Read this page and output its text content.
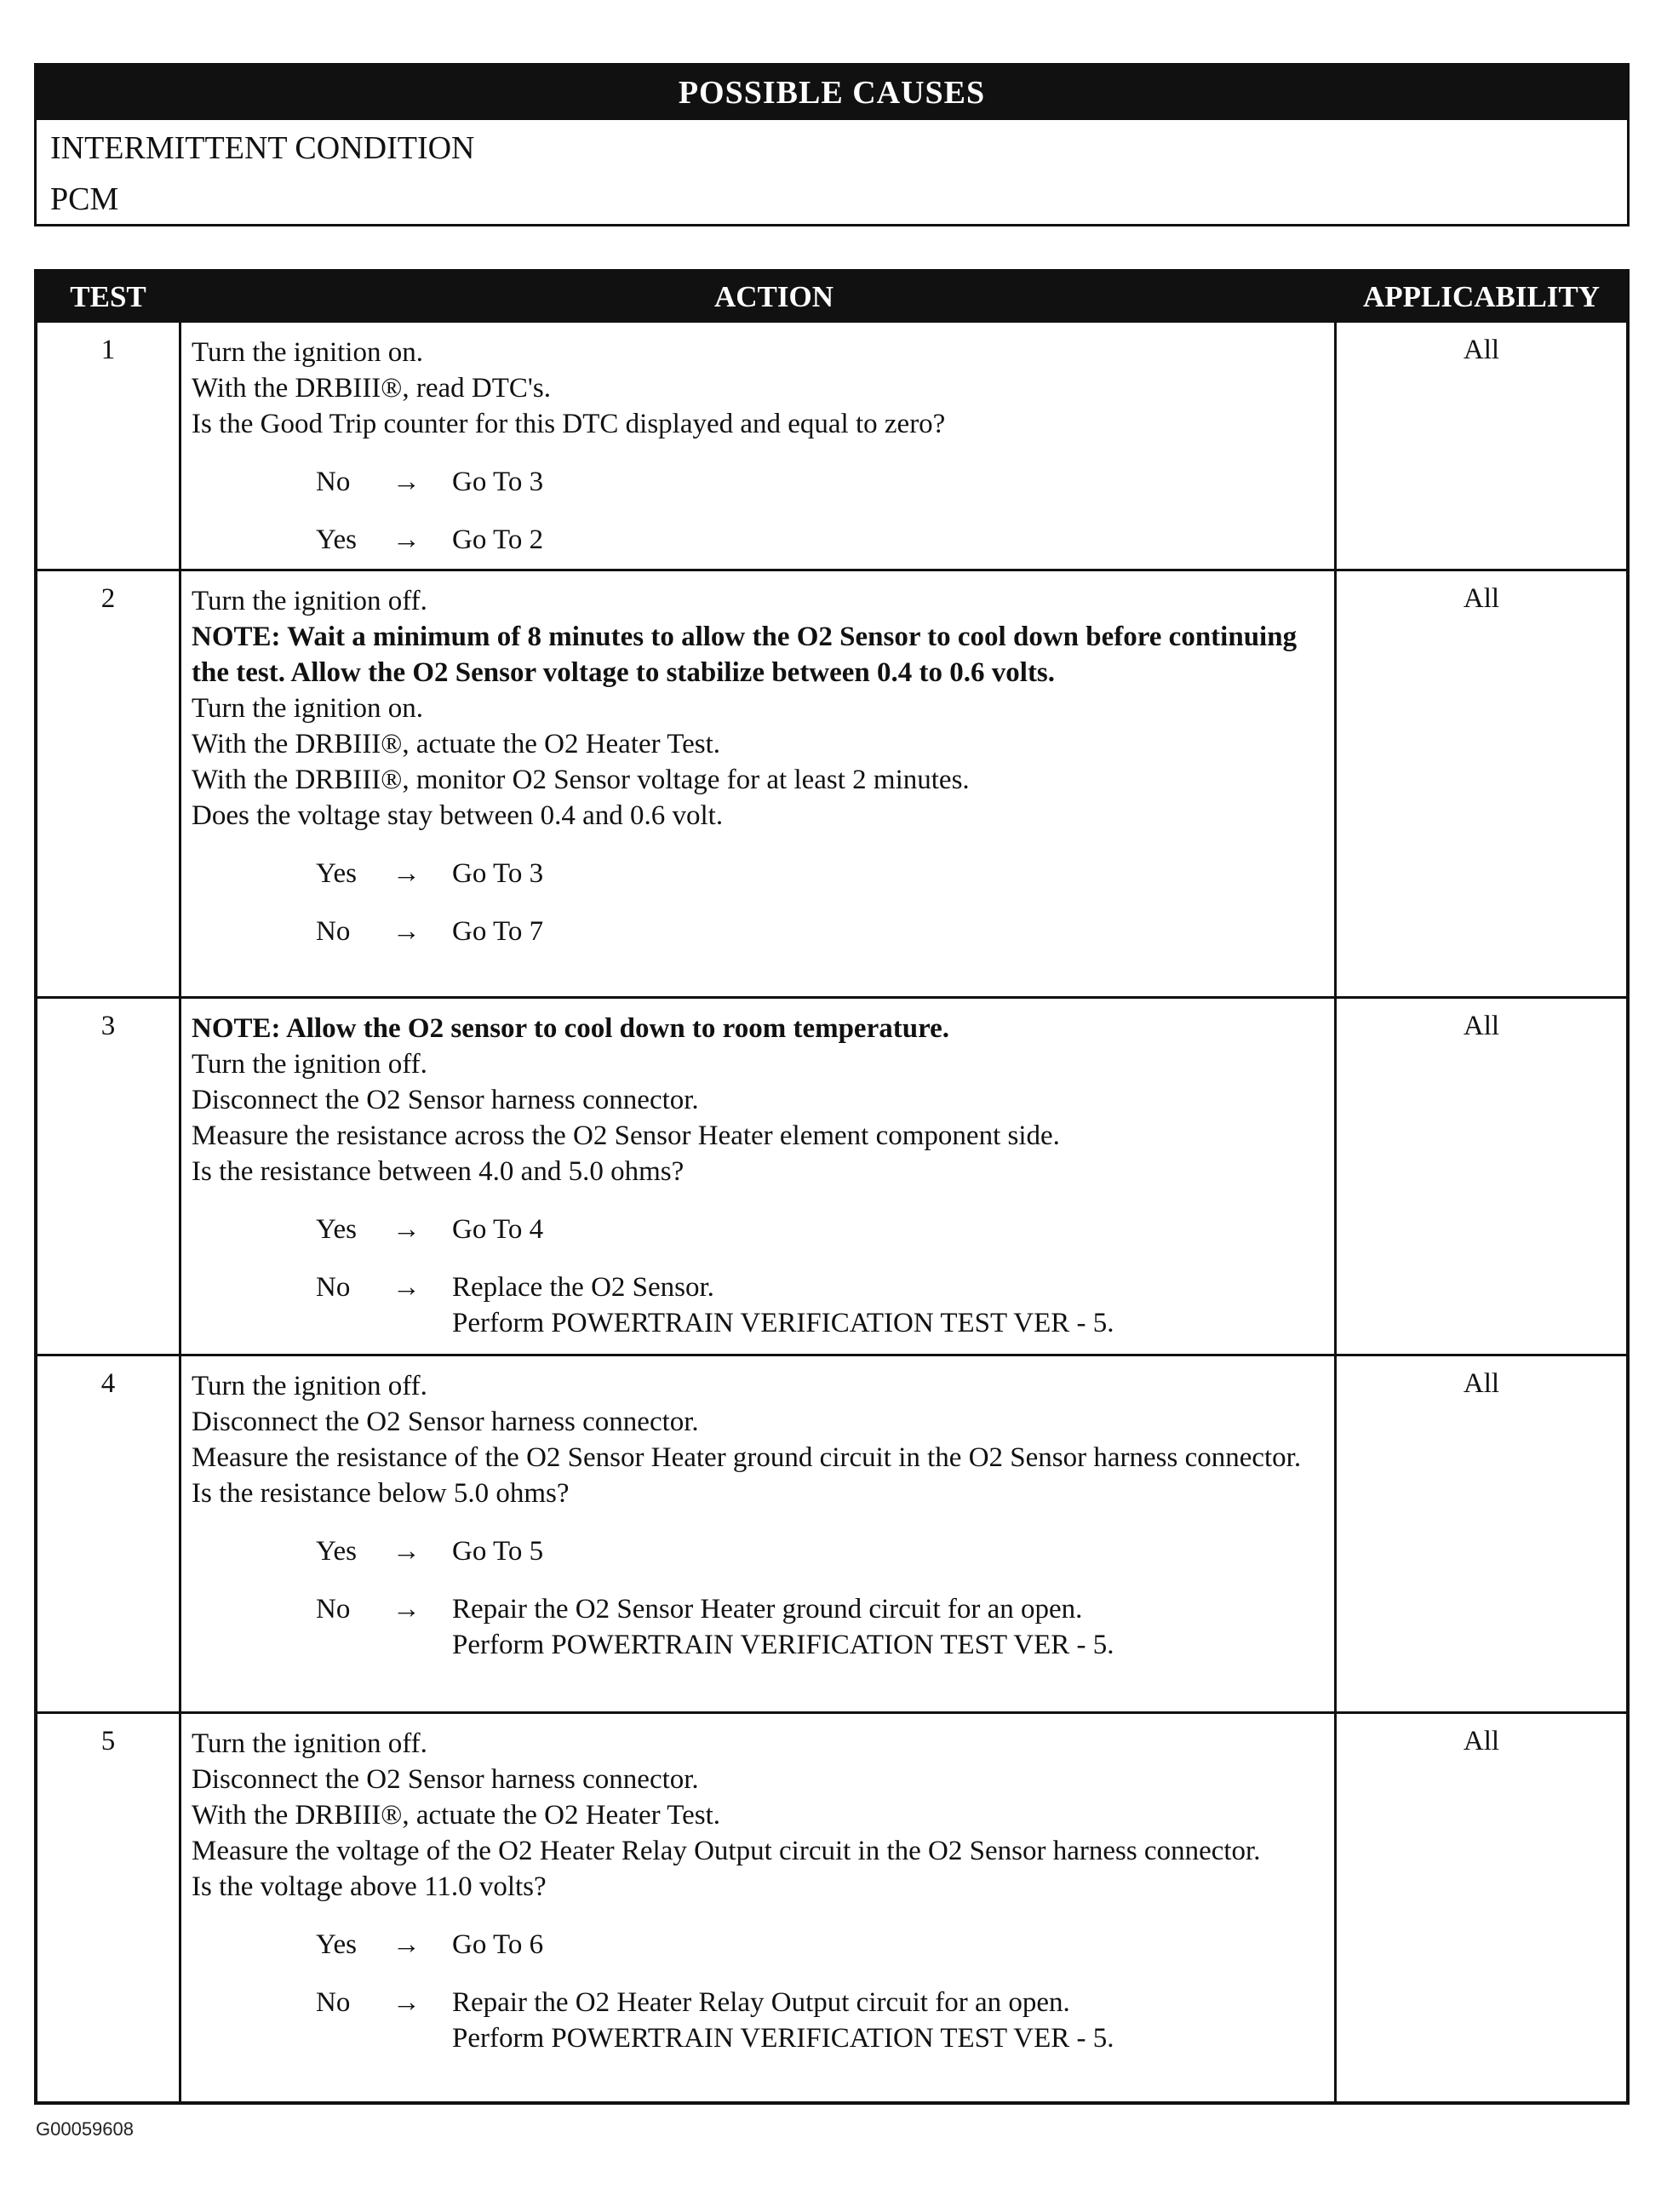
POSSIBLE CAUSES
INTERMITTENT CONDITION
PCM
TEST	ACTION	APPLICABILITY
1	Turn the ignition on.
With the DRBIII®, read DTC's.
Is the Good Trip counter for this DTC displayed and equal to zero?
No → Go To 3
Yes → Go To 2
All
2	Turn the ignition off.
NOTE: Wait a minimum of 8 minutes to allow the O2 Sensor to cool down before continuing the test. Allow the O2 Sensor voltage to stabilize between 0.4 to 0.6 volts.
Turn the ignition on.
With the DRBIII®, actuate the O2 Heater Test.
With the DRBIII®, monitor O2 Sensor voltage for at least 2 minutes.
Does the voltage stay between 0.4 and 0.6 volt.
Yes → Go To 3
No → Go To 7
All
3	NOTE: Allow the O2 sensor to cool down to room temperature.
Turn the ignition off.
Disconnect the O2 Sensor harness connector.
Measure the resistance across the O2 Sensor Heater element component side.
Is the resistance between 4.0 and 5.0 ohms?
Yes → Go To 4
No → Replace the O2 Sensor.
Perform POWERTRAIN VERIFICATION TEST VER - 5.
All
4	Turn the ignition off.
Disconnect the O2 Sensor harness connector.
Measure the resistance of the O2 Sensor Heater ground circuit in the O2 Sensor harness connector.
Is the resistance below 5.0 ohms?
Yes → Go To 5
No → Repair the O2 Sensor Heater ground circuit for an open.
Perform POWERTRAIN VERIFICATION TEST VER - 5.
All
5	Turn the ignition off.
Disconnect the O2 Sensor harness connector.
With the DRBIII®, actuate the O2 Heater Test.
Measure the voltage of the O2 Heater Relay Output circuit in the O2 Sensor harness connector.
Is the voltage above 11.0 volts?
Yes → Go To 6
No → Repair the O2 Heater Relay Output circuit for an open.
Perform POWERTRAIN VERIFICATION TEST VER - 5.
All
G00059608
